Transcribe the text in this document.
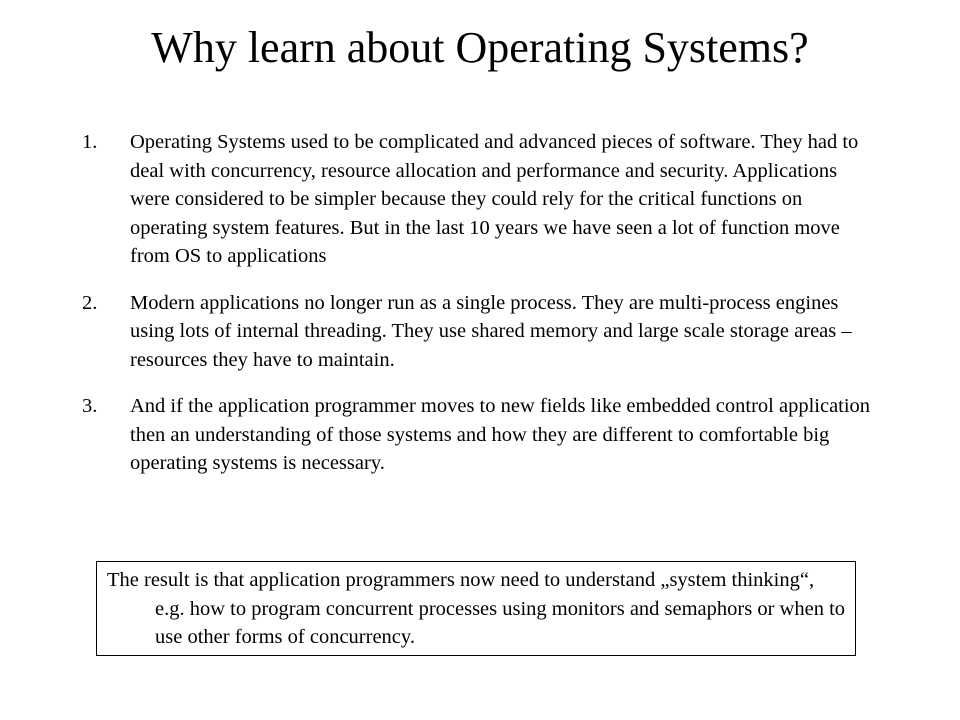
Why learn about Operating Systems?
1.	Operating Systems used to be complicated and advanced pieces of software. They had to deal with concurrency, resource allocation and performance and security. Applications were considered to be simpler because they could rely for the critical functions on operating system features. But in the last 10 years we have seen a lot of function move from OS to applications
2.	Modern applications no longer run as a single process. They are multi-process engines using lots of internal threading. They use shared memory and large scale storage areas – resources they have to maintain.
3.	And if the application programmer moves to new fields like embedded control application then an understanding of those systems and how they are different to comfortable big operating systems is necessary.
The result is that application programmers now need to understand „system thinking“, e.g. how to program concurrent processes using monitors and semaphors or when to use other forms of concurrency.
